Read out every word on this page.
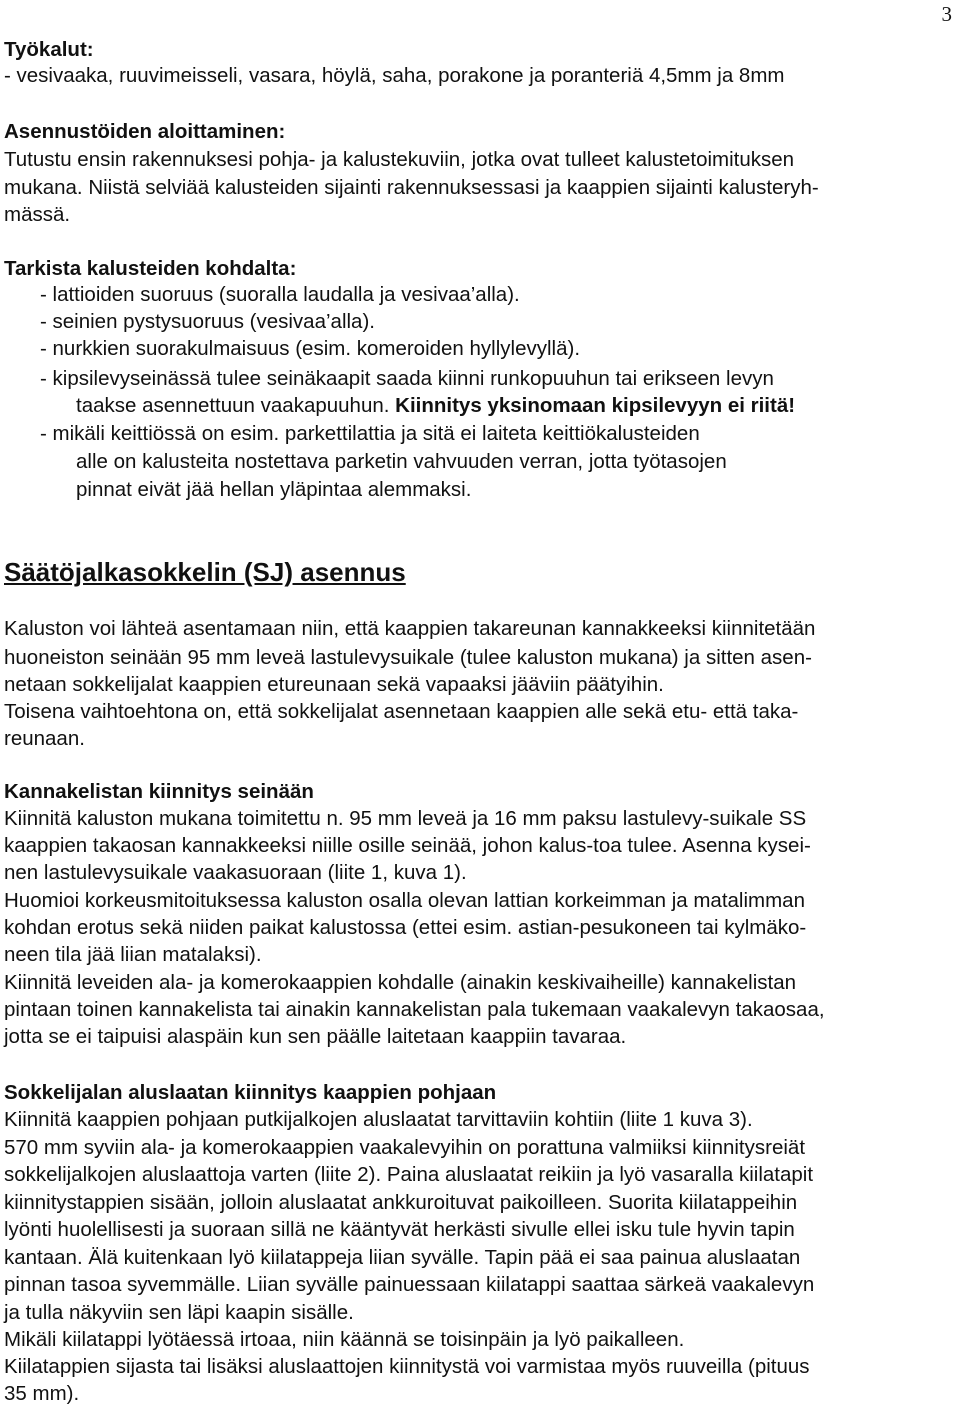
3
Työkalut:
- vesivaaka, ruuvimeisseli, vasara, höylä, saha, porakone ja poranteriä 4,5mm ja 8mm
Asennustöiden aloittaminen:
Tutustu ensin rakennuksesi pohja- ja kalustekuviin, jotka ovat tulleet kalustetoimituksen
mukana. Niistä selviää kalusteiden sijainti rakennuksessasi ja kaappien sijainti kalusteryh-
mässä.
Tarkista kalusteiden kohdalta:
- lattioiden suoruus (suoralla laudalla ja vesivaa’alla).
- seinien pystysuoruus (vesivaa’alla).
- nurkkien suorakulmaisuus (esim. komeroiden hyllylevyllä).
- kipsilevyseinässä tulee seinäkaapit saada kiinni runkopuuhun tai erikseen levyn
taakse asennettuun vaakapuuhun. Kiinnitys yksinomaan kipsilevyyn ei riitä!
- mikäli keittiössä on esim. parkettilattia ja sitä ei laiteta keittiökalusteiden
alle on kalusteita nostettava parketin vahvuuden verran, jotta työtasojen
pinnat eivät jää hellan yläpintaa alemmaksi.
Säätöjalkasokkelin (SJ) asennus
Kaluston voi lähteä asentamaan niin, että kaappien takareunan kannakkeeksi kiinnitetään
huoneiston seinään 95 mm leveä lastulevysuikale (tulee kaluston mukana) ja sitten asen-
netaan sokkelijalat kaappien etureunaan sekä vapaaksi jääviin päätyihin.
Toisena vaihtoehtona on, että sokkelijalat asennetaan kaappien alle sekä etu- että taka-
reunaan.
Kannakelistan kiinnitys seinään
Kiinnitä kaluston mukana toimitettu n. 95 mm leveä ja 16 mm paksu lastulevy-suikale SS
kaappien takaosan kannakkeeksi niille osille seinää, johon kalus-toa tulee. Asenna kysei-
nen lastulevysuikale vaakasuoraan (liite 1, kuva 1).
Huomioi korkeusmitoituksessa kaluston osalla olevan lattian korkeimman ja matalimman
kohdan erotus sekä niiden paikat kalustossa (ettei esim. astian-pesukoneen tai kylmäko-
neen tila jää liian matalaksi).
Kiinnitä leveiden ala- ja komerokaappien kohdalle (ainakin keskivaiheille) kannakelistan
pintaan toinen kannakelista tai ainakin kannakelistan pala tukemaan vaakalevyn takaosaa,
jotta se ei taipuisi alaspäin kun sen päälle laitetaan kaappiin tavaraa.
Sokkelijalan aluslaatan kiinnitys kaappien pohjaan
Kiinnitä kaappien pohjaan putkijalkojen aluslaatat tarvittaviin kohtiin (liite 1 kuva 3).
570 mm syviin ala- ja komerokaappien vaakalevyihin on porattuna valmiiksi kiinnitysreiät
sokkelijalkojen aluslaattoja varten (liite 2). Paina aluslaatat reikiin ja lyö vasaralla kiilatapit
kiinnitystappien sisään, jolloin aluslaatat ankkuroituvat paikoilleen. Suorita kiilatappeihin
lyönti huolellisesti ja suoraan sillä ne kääntyvät herkästi sivulle ellei isku tule hyvin tapin
kantaan. Älä kuitenkaan lyö kiilatappeja liian syvälle. Tapin pää ei saa painua aluslaatan
pinnan tasoa syvemmälle. Liian syvälle painuessaan kiilatappi saattaa särkeä vaakalevyn
ja tulla näkyviin sen läpi kaapin sisälle.
Mikäli kiilatappi lyötäessä irtoaa, niin käännä se toisinpäin ja lyö paikalleen.
Kiilatappien sijasta tai lisäksi aluslaattojen kiinnitystä voi varmistaa myös ruuveilla (pituus
35 mm).
